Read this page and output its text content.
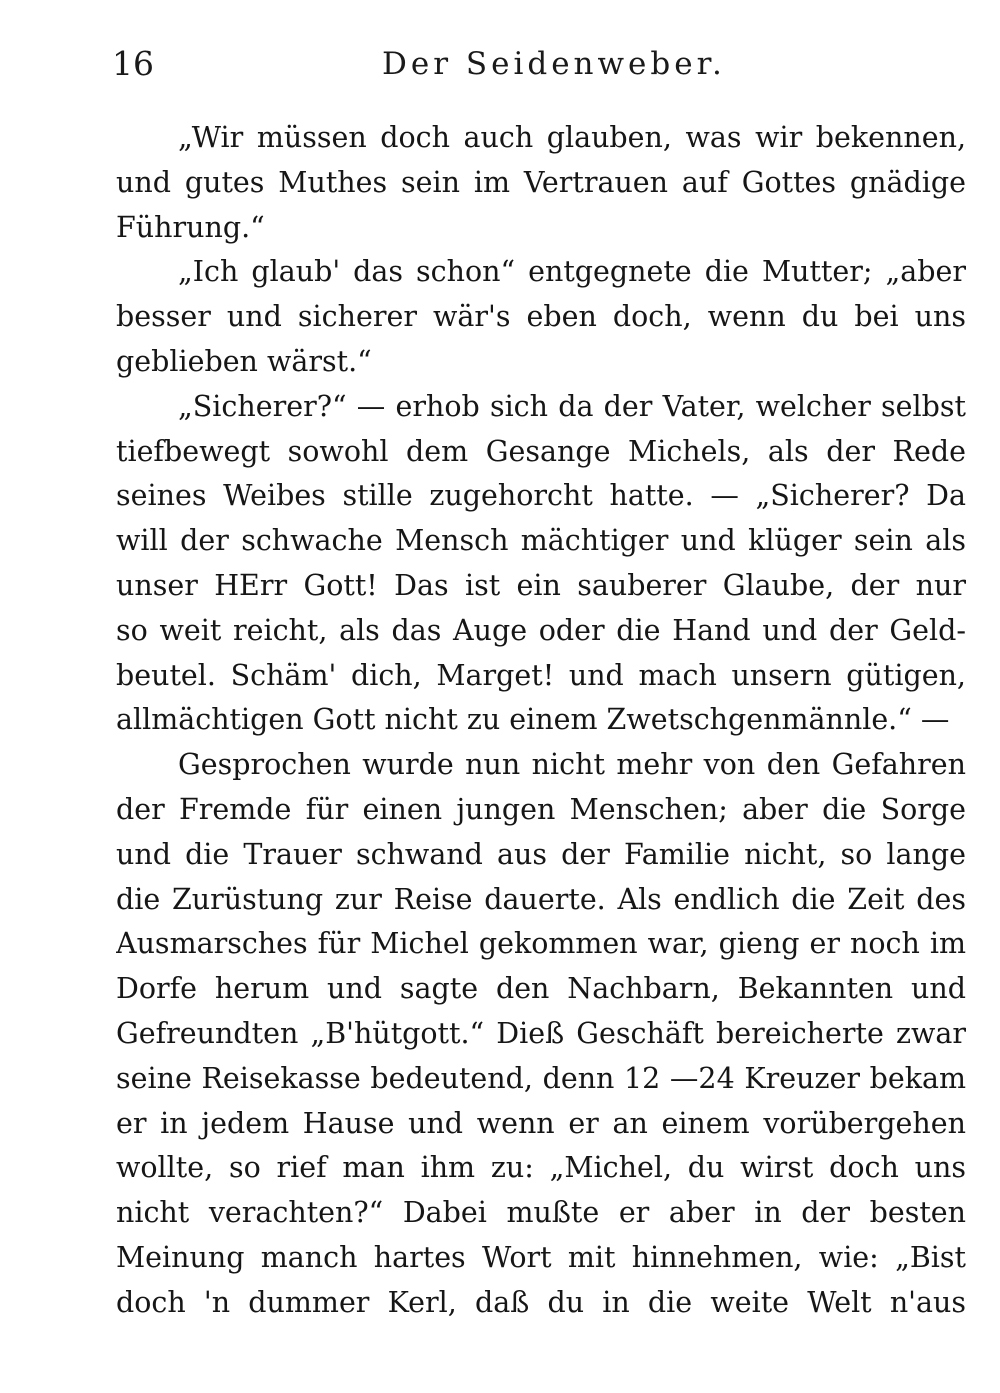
16	Der Seidenweber.
„Wir müssen doch auch glauben, was wir bekennen,
und gutes Muthes sein im Vertrauen auf Gottes gnädige
Führung.“
„Ich glaub' das schon“ entgegnete die Mutter; „aber
besser und sicherer wär's eben doch, wenn du bei uns
geblieben wärst.“
„Sicherer?“ — erhob sich da der Vater, welcher selbst
tiefbewegt sowohl dem Gesange Michels, als der Rede
seines Weibes stille zugehorcht hatte. — „Sicherer? Da
will der schwache Mensch mächtiger und klüger sein als
unser HErr Gott! Das ist ein sauberer Glaube, der nur
so weit reicht, als das Auge oder die Hand und der Geld-
beutel. Schäm' dich, Marget! und mach unsern gütigen,
allmächtigen Gott nicht zu einem Zwetschgenmännle.“ —
Gesprochen wurde nun nicht mehr von den Gefahren
der Fremde für einen jungen Menschen; aber die Sorge
und die Trauer schwand aus der Familie nicht, so lange
die Zurüstung zur Reise dauerte. Als endlich die Zeit des
Ausmarsches für Michel gekommen war, gieng er noch im
Dorfe herum und sagte den Nachbarn, Bekannten und
Gefreundten „B'hütgott.“ Dieß Geschäft bereicherte zwar
seine Reisekasse bedeutend, denn 12 —24 Kreuzer bekam
er in jedem Hause und wenn er an einem vorübergehen
wollte, so rief man ihm zu: „Michel, du wirst doch uns
nicht verachten?“ Dabei mußte er aber in der besten
Meinung manch hartes Wort mit hinnehmen, wie: „Bist
doch 'n dummer Kerl, daß du in die weite Welt n'aus
